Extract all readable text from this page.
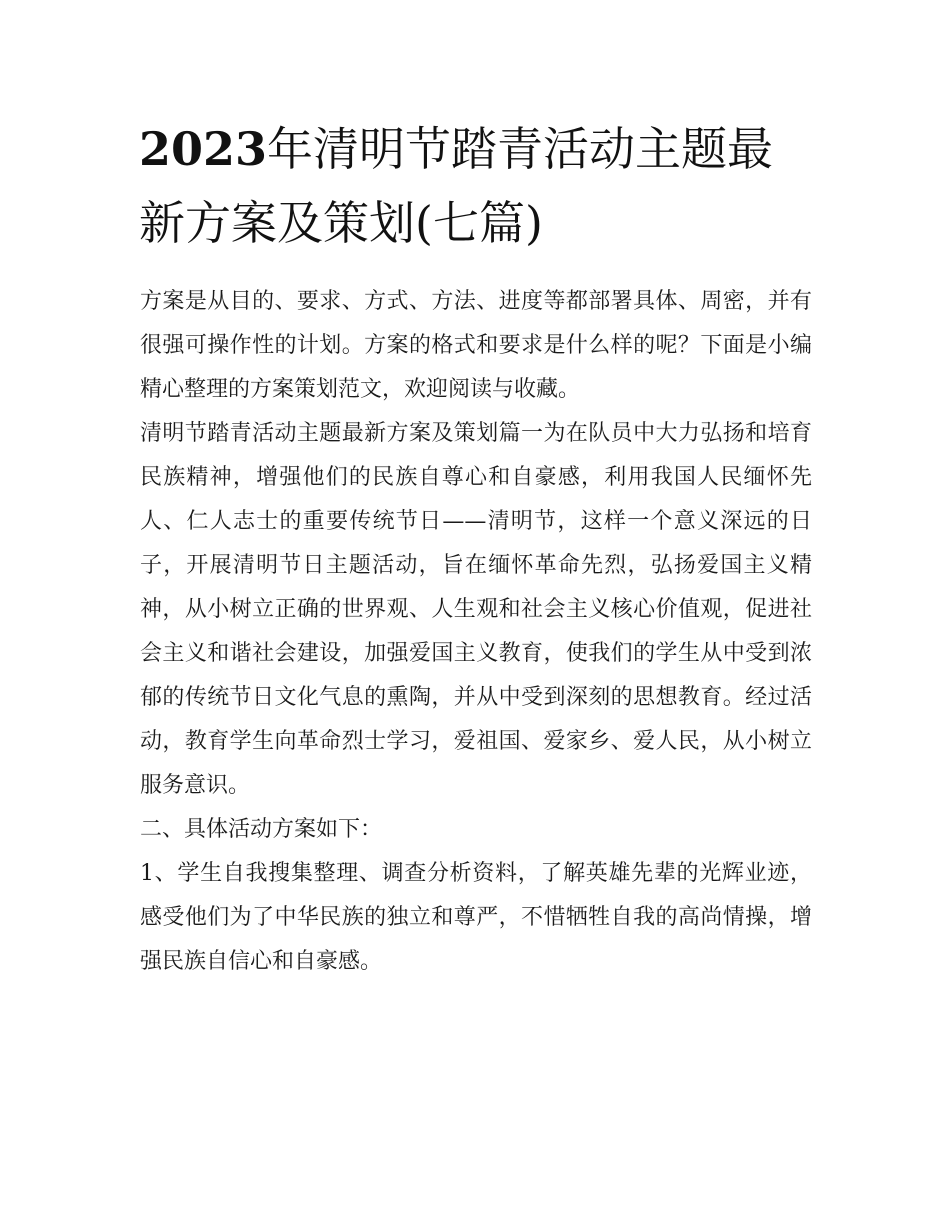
2023年清明节踏青活动主题最新方案及策划(七篇)

方案是从目的、要求、方式、方法、进度等都部署具体、周密，并有很强可操作性的计划。方案的格式和要求是什么样的呢？下面是小编精心整理的方案策划范文，欢迎阅读与收藏。

清明节踏青活动主题最新方案及策划篇一为在队员中大力弘扬和培育民族精神，增强他们的民族自尊心和自豪感，利用我国人民缅怀先人、仁人志士的重要传统节日——清明节，这样一个意义深远的日子，开展清明节日主题活动，旨在缅怀革命先烈，弘扬爱国主义精神，从小树立正确的世界观、人生观和社会主义核心价值观，促进社会主义和谐社会建设，加强爱国主义教育，使我们的学生从中受到浓郁的传统节日文化气息的熏陶，并从中受到深刻的思想教育。经过活动，教育学生向革命烈士学习，爱祖国、爱家乡、爱人民，从小树立服务意识。

二、具体活动方案如下：

1、学生自我搜集整理、调查分析资料，了解英雄先辈的光辉业迹，感受他们为了中华民族的独立和尊严，不惜牺牲自我的高尚情操，增强民族自信心和自豪感。
